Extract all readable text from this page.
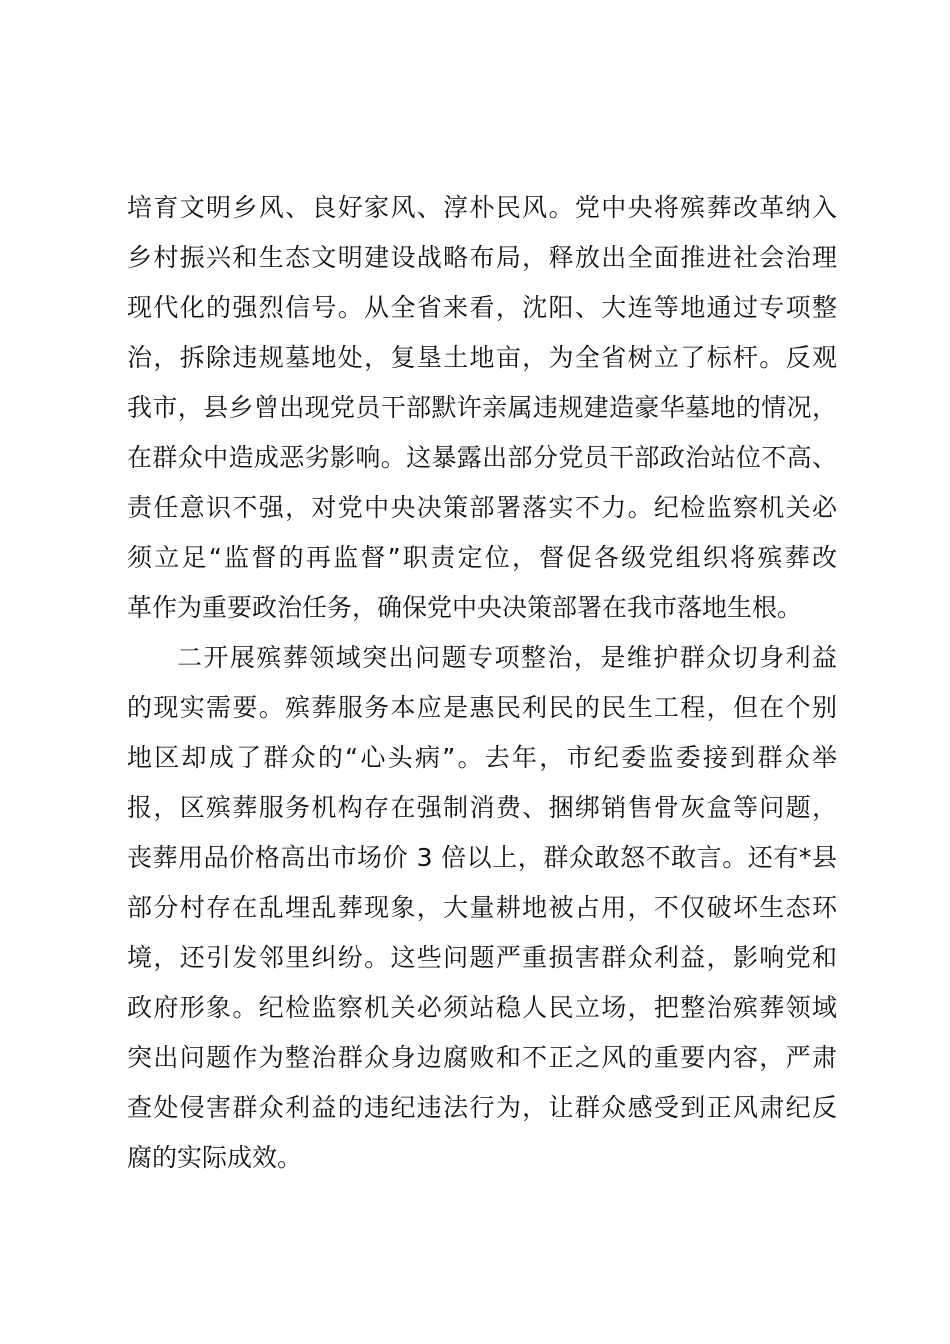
培育文明乡风、良好家风、淳朴民风。党中央将殡葬改革纳入
乡村振兴和生态文明建设战略布局，释放出全面推进社会治理
现代化的强烈信号。从全省来看，沈阳、大连等地通过专项整
治，拆除违规墓地处，复垦土地亩，为全省树立了标杆。反观
我市，县乡曾出现党员干部默许亲属违规建造豪华墓地的情况，
在群众中造成恶劣影响。这暴露出部分党员干部政治站位不高、
责任意识不强，对党中央决策部署落实不力。纪检监察机关必
须立足“监督的再监督”职责定位，督促各级党组织将殡葬改
革作为重要政治任务，确保党中央决策部署在我市落地生根。
二开展殡葬领域突出问题专项整治，是维护群众切身利益
的现实需要。殡葬服务本应是惠民利民的民生工程，但在个别
地区却成了群众的“心头病”。去年，市纪委监委接到群众举
报，区殡葬服务机构存在强制消费、捆绑销售骨灰盒等问题，
丧葬用品价格高出市场价 3 倍以上，群众敢怒不敢言。还有*县
部分村存在乱埋乱葬现象，大量耕地被占用，不仅破坏生态环
境，还引发邻里纠纷。这些问题严重损害群众利益，影响党和
政府形象。纪检监察机关必须站稳人民立场，把整治殡葬领域
突出问题作为整治群众身边腐败和不正之风的重要内容，严肃
查处侵害群众利益的违纪违法行为，让群众感受到正风肃纪反
腐的实际成效。
